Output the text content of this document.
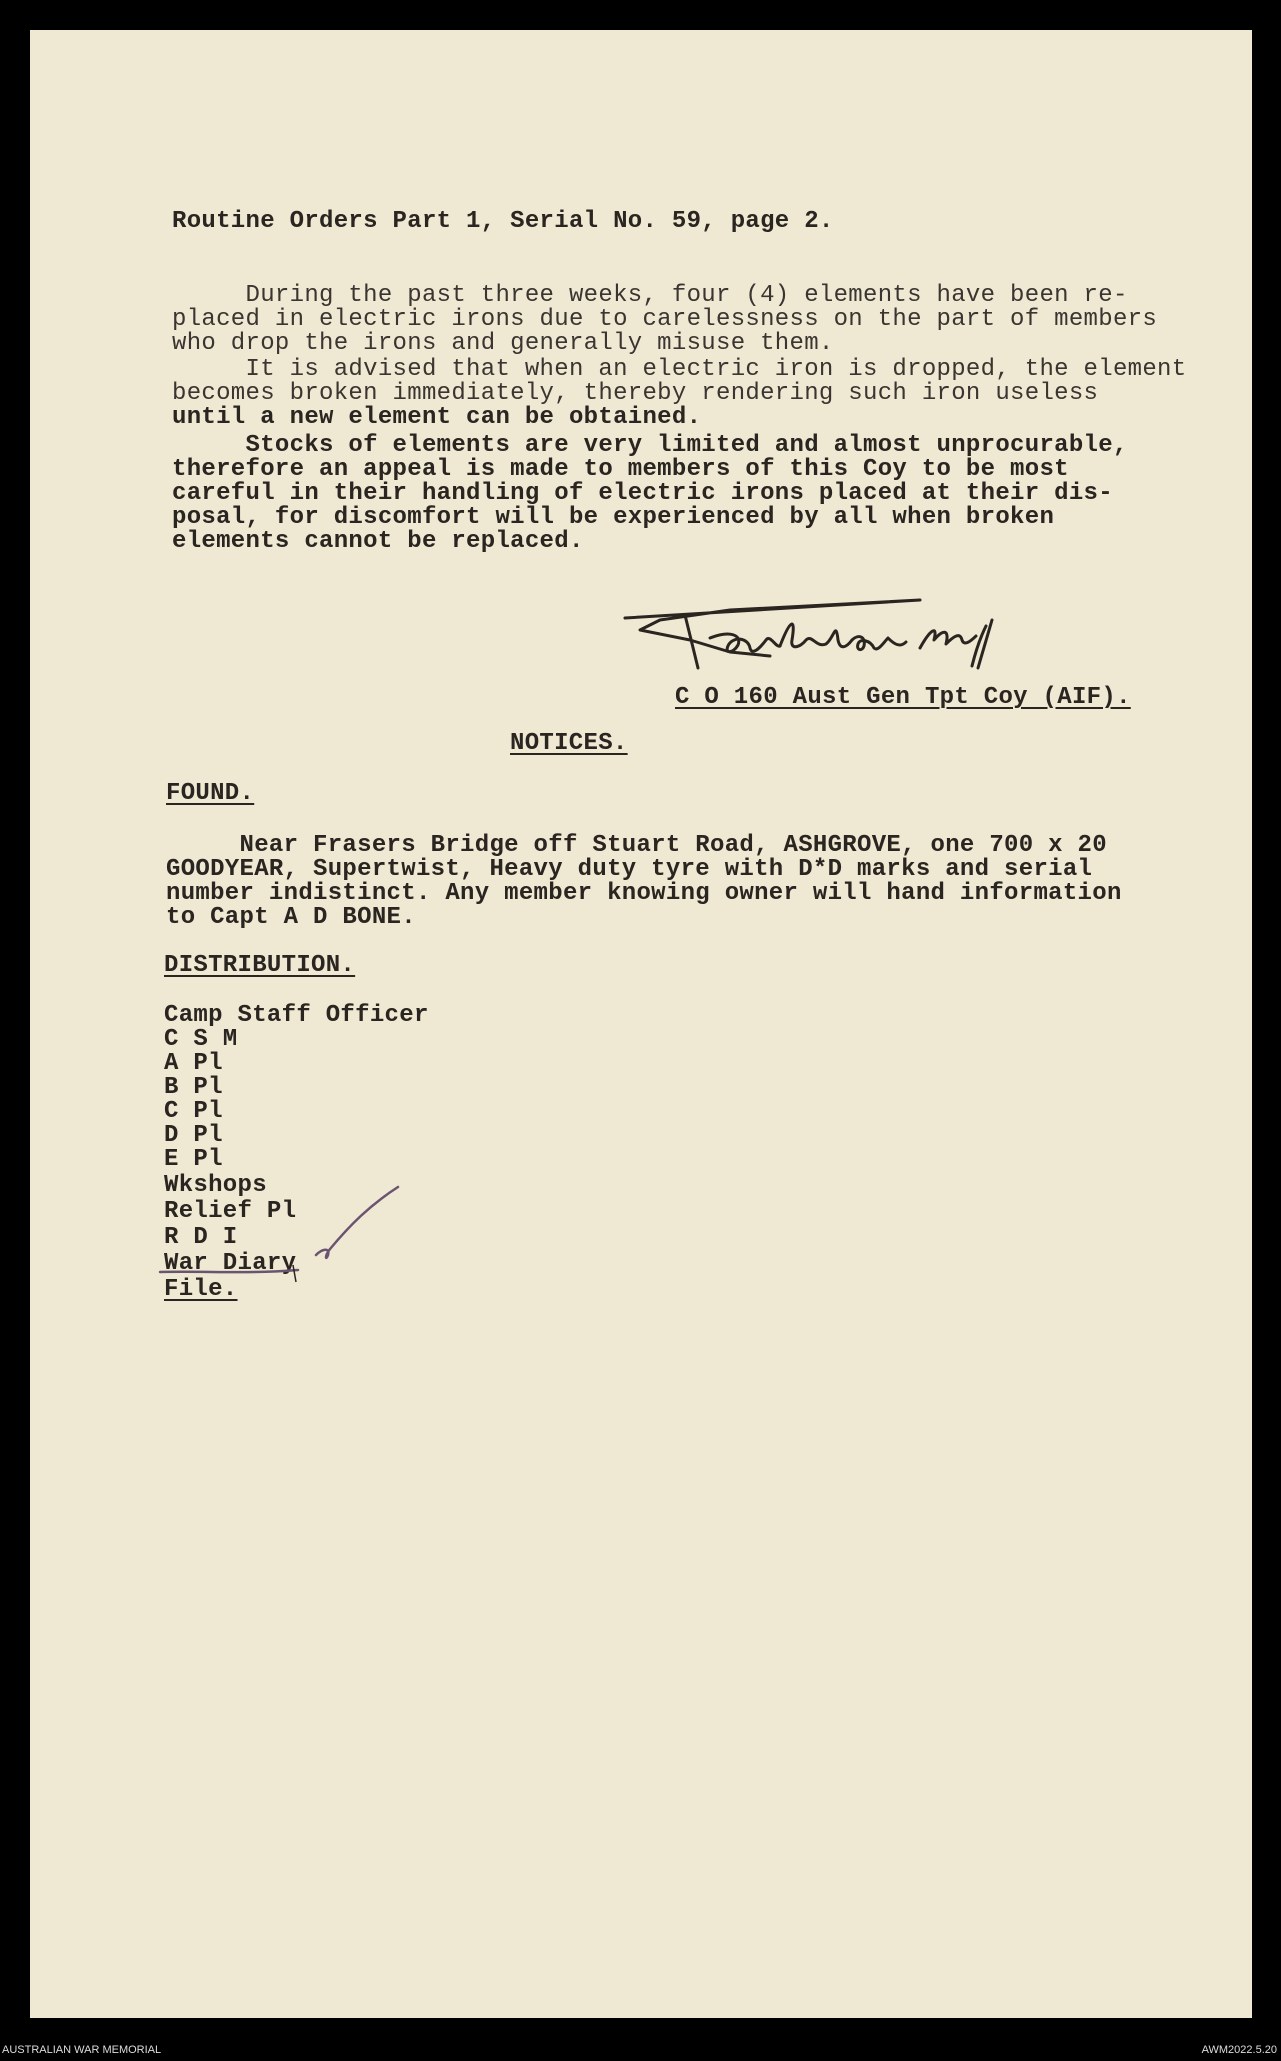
Routine Orders Part 1, Serial No. 59, page 2.
During the past three weeks, four (4) elements have been re-
placed in electric irons due to carelessness on the part of members
who drop the irons and generally misuse them.
It is advised that when an electric iron is dropped, the element
becomes broken immediately, thereby rendering such iron useless
until a new element can be obtained.
Stocks of elements are very limited and almost unprocurable,
therefore an appeal is made to members of this Coy to be most
careful in their handling of electric irons placed at their dis-
posal, for discomfort will be experienced by all when broken
elements cannot be replaced.
C O 160 Aust Gen Tpt Coy (AIF).
NOTICES.
FOUND.
Near Frasers Bridge off Stuart Road, ASHGROVE, one 700 x 20
GOODYEAR, Supertwist, Heavy duty tyre with D*D marks and serial
number indistinct. Any member knowing owner will hand information
to Capt A D BONE.
DISTRIBUTION.
Camp Staff Officer
C S M
A Pl
B Pl
C Pl
D Pl
E Pl
Wkshops
Relief Pl
R D I
War Diary
File.
AUSTRALIAN WAR MEMORIAL	AWM2022.5.20
